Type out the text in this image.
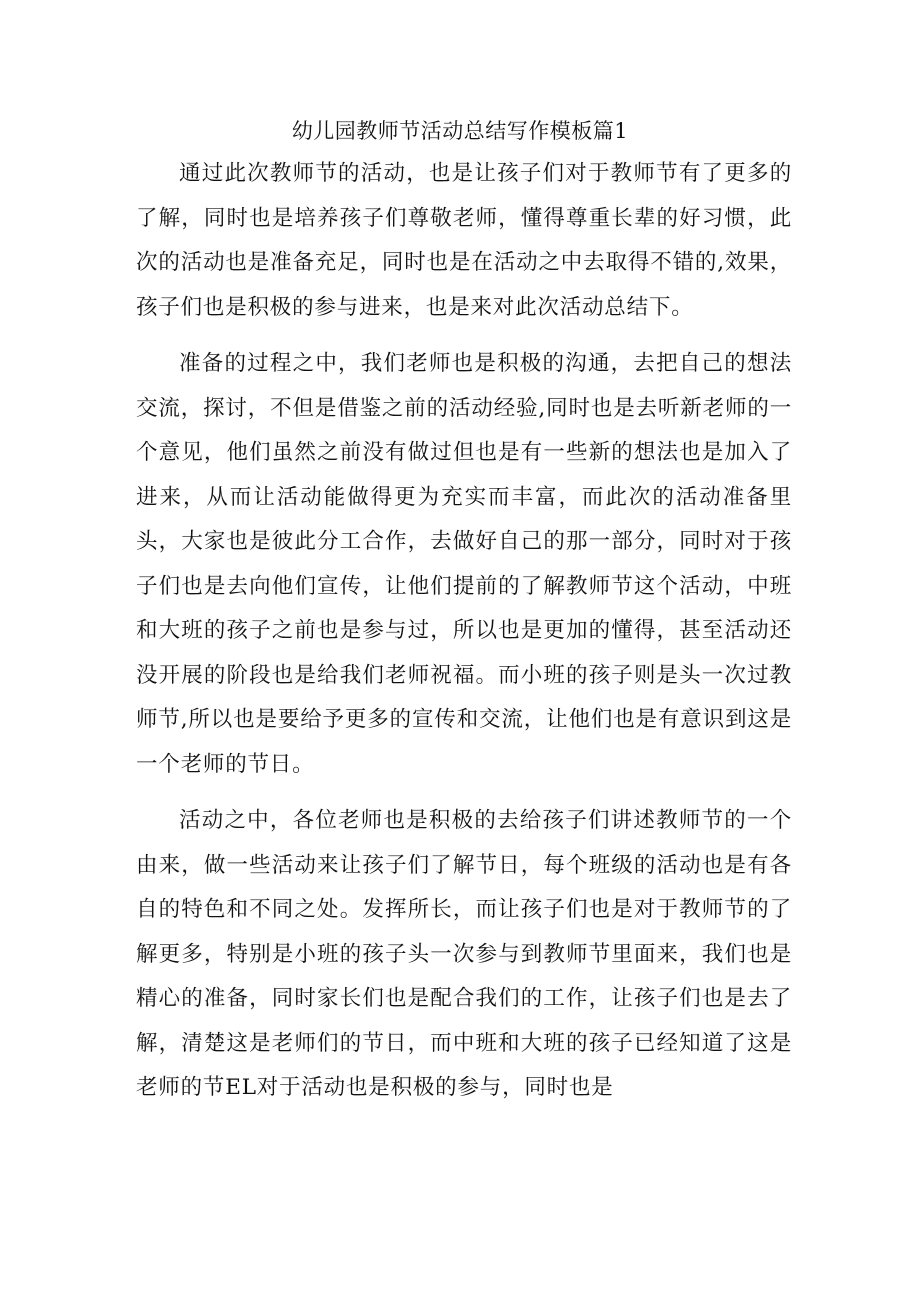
幼儿园教师节活动总结写作模板篇1

通过此次教师节的活动，也是让孩子们对于教师节有了更多的了解，同时也是培养孩子们尊敬老师，懂得尊重长辈的好习惯，此次的活动也是准备充足，同时也是在活动之中去取得不错的,效果，孩子们也是积极的参与进来，也是来对此次活动总结下。

准备的过程之中，我们老师也是积极的沟通，去把自己的想法交流，探讨，不但是借鉴之前的活动经验,同时也是去听新老师的一个意见，他们虽然之前没有做过但也是有一些新的想法也是加入了进来，从而让活动能做得更为充实而丰富，而此次的活动准备里头，大家也是彼此分工合作，去做好自己的那一部分，同时对于孩子们也是去向他们宣传，让他们提前的了解教师节这个活动，中班和大班的孩子之前也是参与过，所以也是更加的懂得，甚至活动还没开展的阶段也是给我们老师祝福。而小班的孩子则是头一次过教师节,所以也是要给予更多的宣传和交流，让他们也是有意识到这是一个老师的节日。

活动之中，各位老师也是积极的去给孩子们讲述教师节的一个由来，做一些活动来让孩子们了解节日，每个班级的活动也是有各自的特色和不同之处。发挥所长，而让孩子们也是对于教师节的了解更多，特别是小班的孩子头一次参与到教师节里面来，我们也是精心的准备，同时家长们也是配合我们的工作，让孩子们也是去了解，清楚这是老师们的节日，而中班和大班的孩子已经知道了这是老师的节EL对于活动也是积极的参与，同时也是
